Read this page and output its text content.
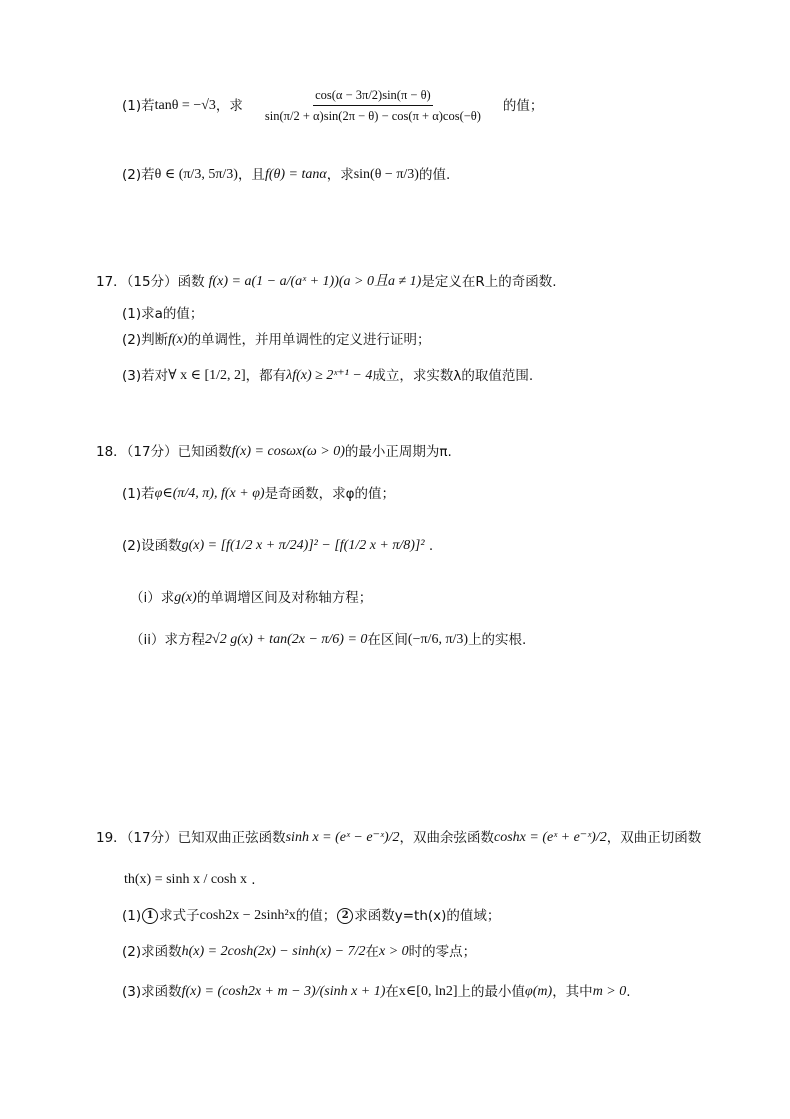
(1)若 tanθ = −√3 ，求 $\frac{\cos(\alpha - 3\pi/2)\sin(\pi - \theta)}{\sin(\pi/2 + \alpha)\sin(2\pi - \theta) - \cos(\pi + \alpha)\cos(-\theta)}$ 的值；
(2)若 θ ∈ (π/3, 5π/3) ，且 f(θ) = tanα ，求 sin(θ − π/3) 的值.
17．（15分）函数 f(x) = a(1 − a/(aˣ + 1)) (a > 0且a ≠ 1) 是定义在R上的奇函数.
(1)求a的值；
(2)判断 f(x) 的单调性，并用单调性的定义进行证明；
(3)若对 ∀ x ∈ [1/2, 2] ，都有 λf(x) ≥ 2ˣ⁺¹ − 4 成立，求实数λ的取值范围.
18．（17分）已知函数 f(x) = cosωx (ω > 0) 的最小正周期为π.
(1)若 φ∈(π/4, π), f(x + φ) 是奇函数，求φ的值；
(2)设函数 g(x) = [f(1/2 x + π/24)]² − [f(1/2 x + π/8)]² .
（i）求 g(x) 的单调增区间及对称轴方程；
（ii）求方程 2√2 g(x) + tan(2x − π/6) = 0 在区间 (−π/6, π/3) 上的实根.
19．（17分）已知双曲正弦函数 sinh x = (eˣ − e⁻ˣ)/2 ，双曲余弦函数 coshx = (eˣ + e⁻ˣ)/2 ，双曲正切函数
th(x) = sinh x / cosh x .
(1) 1 求式子 cosh2x − 2sinh²x 的值； 2 求函数y=th(x)的值域；
(2)求函数 h(x) = 2cosh(2x) − sinh(x) − 7/2 在 x > 0 时的零点；
(3)求函数 f(x) = (cosh2x + m − 3)/(sinh x + 1) 在 x∈[0, ln2] 上的最小值 φ(m) ，其中 m > 0 .
